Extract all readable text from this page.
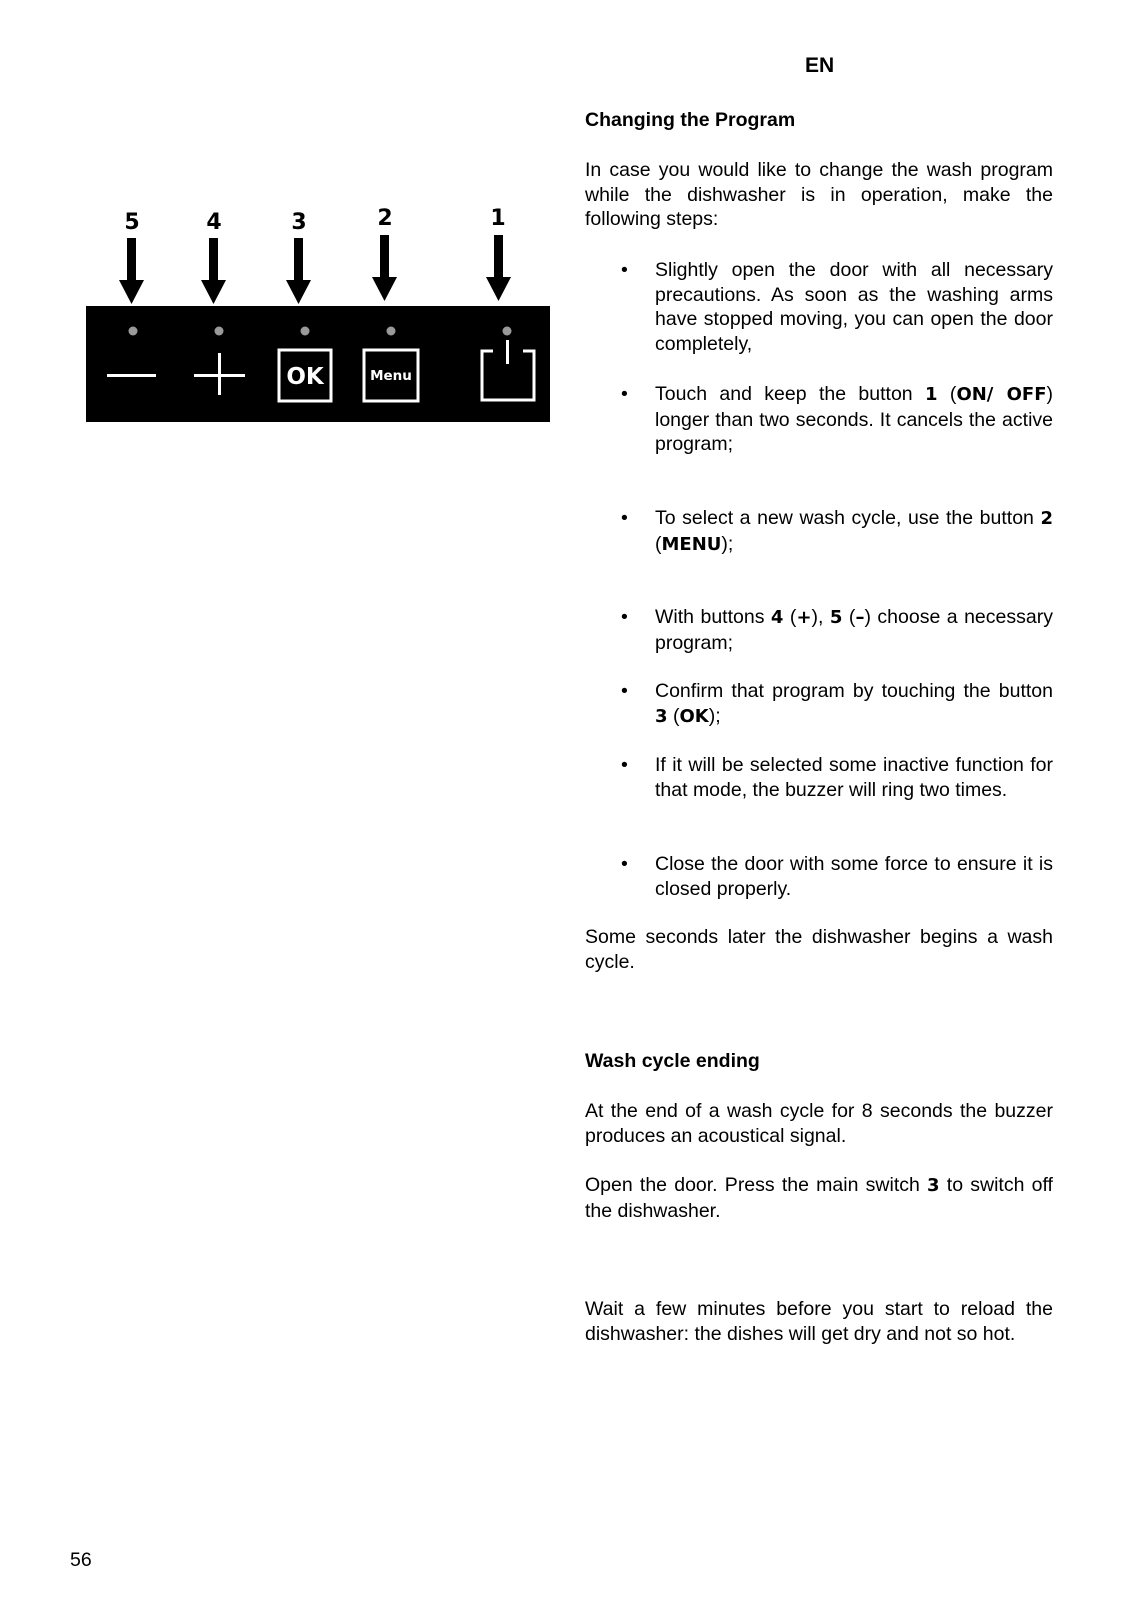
EN
5	4	3	2	1
OK	Menu
Changing the Program
In case you would like to change the wash program while the dishwasher is in operation, make the following steps:
• Slightly open the door with all necessary precautions. As soon as the washing arms have stopped moving, you can open the door completely,
• Touch and keep the button 1 (ON/ OFF) longer than two seconds. It cancels the active program;
• To select a new wash cycle, use the button 2 (MENU);
• With buttons 4 (+), 5 (–) choose a necessary program;
• Confirm that program by touching the button 3 (OK);
• If it will be selected some inactive function for that mode, the buzzer will ring two times.
• Close the door with some force to ensure it is closed properly.
Some seconds later the dishwasher begins a wash cycle.
Wash cycle ending
At the end of a wash cycle for 8 seconds the buzzer produces an acoustical signal.
Open the door. Press the main switch 3 to switch off the dishwasher.
Wait a few minutes before you start to reload the dishwasher: the dishes will get dry and not so hot.
56
